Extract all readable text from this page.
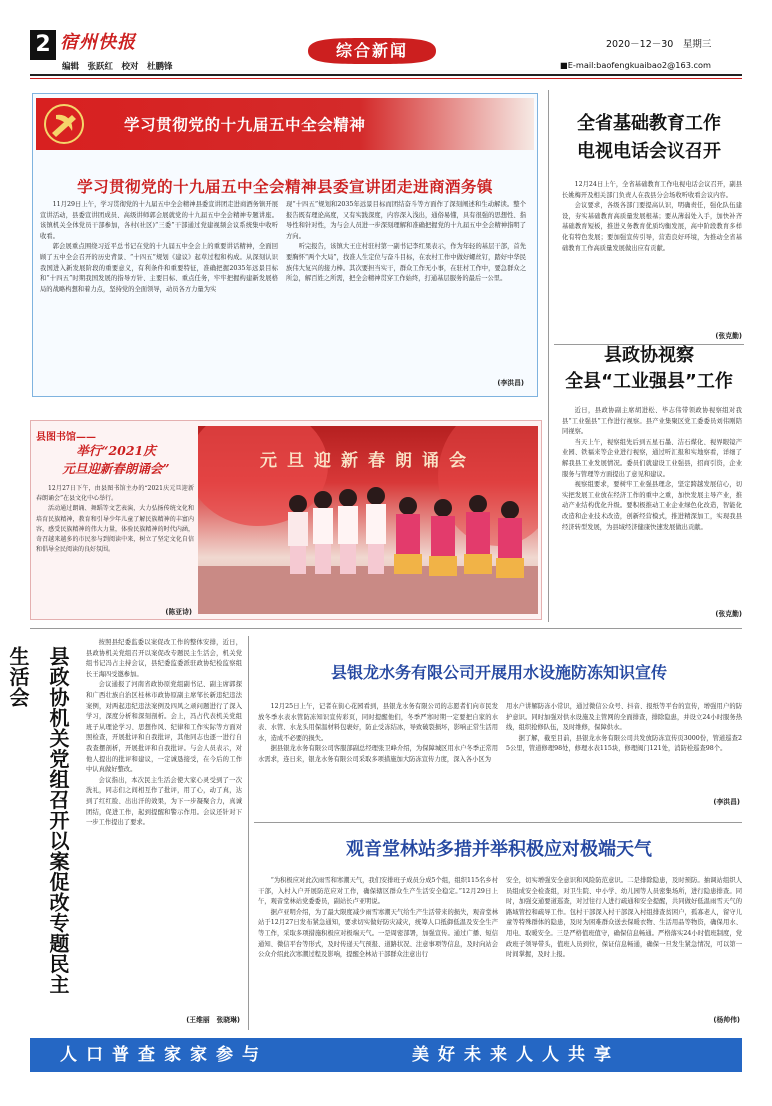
2 宿州快报
编辑　张跃红　校对　杜鹏锋
综合新闻	2020－12－30　星期三
■E-mail:baofengkuaibao2@163.com
学习贯彻党的十九届五中全会精神
学习贯彻党的十九届五中全会精神县委宣讲团走进商酒务镇

11月29日上午，学习贯彻党的十九届五中全会精神县委宣讲团走进商酒务镇开展宣讲活动，县委宣讲团成员、高级讲师郭会展就党的十九届五中全会精神专题讲座。该镇机关全体党员干部参加，各村(社区)“三委”干部通过党建视频会议系统集中收听收看。

郭会展重点围绕习近平总书记在党的十九届五中全会上的重要讲话精神，全面回顾了五中全会召开的历史背景、“十四五”规划《建议》起草过程和构成。从深刻认识我国进入新发展阶段的重要意义，有利条件和重要特征，准确把握2035年远景目标和“十四五”时期我国发展的指导方针、主要目标、重点任务，牢牢把握构建新发展格局的战略构想和着力点，坚持党的全面领导，动员各方力量为实

现“十四五”规划和2035年远景目标而团结奋斗等方面作了深刻阐述和生动解读。整个报告既有理论高度，又有实践深度，内容深入浅出，通俗易懂，具有很强的思想性、指导性和针对性，为与会人员进一步深刻理解和准确把握党的十九届五中全会精神指明了方向。

听完报告，该镇大王庄村驻村第一副书记李红果表示，作为年轻的基层干部，首先要胸怀“两个大局”，找准人生定位与奋斗目标，在农村工作中做好螺丝钉，踏好中华民族伟大复兴的接力棒。其次要担当实干，群众工作无小事，在驻村工作中，要急群众之所急，解百姓之所需，把全会精神贯穿工作始终，打通基层服务的最后一公里。

(李洪昌)
全省基础教育工作
电视电话会议召开

12月24日上午，全省基础教育工作电视电话会议召开，副县长姚梅开及相关部门负责人在我县分会场收听收看会议内容。

会议要求，各级各部门要提高认识，明确责任，强化队伍建设，夯实基础教育高质量发展根基；要从薄弱处入手，加快补齐基础教育短板，推进义务教育优质均衡发展，高中阶段教育多样化有特色发展；要加强宣传引导，营造良好环境，为推动全省基础教育工作高质量发展做出应有贡献。

(张克勤)
县政协视察
全县“工业强县”工作

近日，县政协副主席胡进松、毕志伟带领政协视察组对我县“工业强县”工作进行视察。县产业集聚区党工委委员刘伟刚陪同视察。

当天上午，视察组先后到五星石墨、洁石煤化、视界眼镜产业园、铁福来等企业进行视察，通过听汇报和实地察看，详细了解我县工业发展情况。委员们就建设工业强县，招商引资，企业服务与管理等方面提出了意见和建议。

视察组要求，要树牢工业强县理念，坚定跨越发展信心，切实把发展工业放在经济工作的重中之重，加快发展主导产业，推动产业结构优化升级。要积极推动工业企业绿色化改造，智能化改造和企业技术改造，创新经营模式，推进精深加工，实现我县经济转型发展，为县域经济健康快速发展做出贡献。

(张克勤)
县图书馆——
举行“2021庆
元旦迎新春朗诵会”

12月27日下午，由县图书馆主办的“2021庆元旦迎新春朗诵会”在县文化中心举行。

活动通过朗诵、舞蹈等文艺表演，大力弘扬传统文化和培育民族精神，教育和引导少年儿童了解民族精神的丰富内容，感受民族精神的伟大力量，体验民族精神的时代内涵，奇召越来越多的市民参与到阅读中来，树立了坚定文化自信和倡导全民阅读的良好氛围。

(陈亚诗)
元旦迎新春朗诵会
县政协机关党组召开以案促改专题民主生活会

按照县纪委监委以案促改工作的整体安排，近日，县政协机关党组召开以案促改专题民主生活会，机关党组书记冯占主持会议，县纪委监委派驻政协纪检监察组长王海四受邀参加。

会议通报了河南省政协原党组副书记、副主席郭探和广西壮族自治区桂林市政协原副主席邹长新违纪违法案例，对两起违纪违法案例及四风之顽问题进行了深入学习，深度分析和深刻剖析。会上，冯占代表机关党组班子从理论学习、思想作风、纪律和工作实际等方面对照检查，开展批评和自我批评，其他同志也逐一进行自我查摆剖析，开展批评和自我批评。与会人员表示，对他人提出的批评和建议，一定诚恳接受，在今后的工作中认真做好整改。

会议指出，本次民主生活会使大家心灵受到了一次洗礼，同志们之间相互作了批评，用了心，动了真，达到了红红脸、出出汗的效果，为下一步凝聚合力，真诚团结，促进工作，起到提醒和警示作用。会议还针对下一步工作提出了要求。

(王维丽　张晓琳)
县银龙水务有限公司开展用水设施防冻知识宣传

12月25日上午，记者在街心花园看到，县银龙水务有限公司的志愿者们向市民发放冬季水表水管防冻知识宣传彩页，同时提醒他们，冬季严寒时期一定要把自家的水表、水管、水龙头用保温材料包裹好，防止受冻结冰，导致破裂损坏，影响正常生活用水，造成不必要的损失。

据县银龙水务有限公司客服部副总经理张卫峰介绍，为保障城区用水户冬季正常用水需求，连日来，银龙水务有限公司采取多项措施加大防冻宣传力度，深入各小区为

用水户讲解防冻小常识，通过微信公众号、抖音、报纸等平台的宣传，增强用户的防护意识。同时加强对供水设施及主管网的全面排查，排除隐患，并设立24小时服务热线，组织抢修队伍，及时维修，保障供水。

据了解，截至目前，县银龙水务有限公司共发放防冻宣传页3000份，管道巡查25公里，管道修理98处，修理水表115块，修理阀门121处，消防栓巡查98个。

(李洪昌)
观音堂林站多措并举积极应对极端天气

“为积极应对此次雨雪和寒潮天气，我们安排班子成员分成5个组，组织115名乡村干部，入村入户开展防范应对工作，确保辖区群众生产生活安全稳定。”12月29日上午，观音堂林站党委委员，副站长卢亚明说。

据卢亚明介绍，为了最大限度减少雨雪寒潮天气给生产生活带来的损失，观音堂林站于12月27日发布紧急通知，要求切实做好防灾减灾，统筹人口抵御低温及安全生产等工作，采取多项措施积极应对极端天气。一是周密部署，加强宣传。通过广播、短信通知、微信平台等形式，及时传递天气预报、道路状况、注意事项等信息，及时向站会公众介绍此次寒潮过程及影响，提醒全林站干部群众注意出行

安全，切实增强安全意识和风险防范意识。二是排除隐患，及时预防。抽调站组织人员组成安全检查组，对卫生院、中小学、幼儿园等人员密集场所，进行隐患排查。同时，加强交通要道巡查，对过往行人进行疏通和安全提醒，共同做好低温雨雪天气的路域管控和疏导工作。包村干部深入村干部深入村组排查贫困户，孤寡老人，留守儿童等特殊群体的隐患，及时为困难群众送去保暖衣物、生活用品等物资，确保用水、用电、取暖安全。三是严格值班值守，确保信息畅通。严格落实24小时值班制度，党政班子领导带头，值班人员到位，保证信息畅通，确保一旦发生紧急情况，可以第一时间掌握，及时上报。

(杨帅伟)
人口普查家家参与	美好未来人人共享
